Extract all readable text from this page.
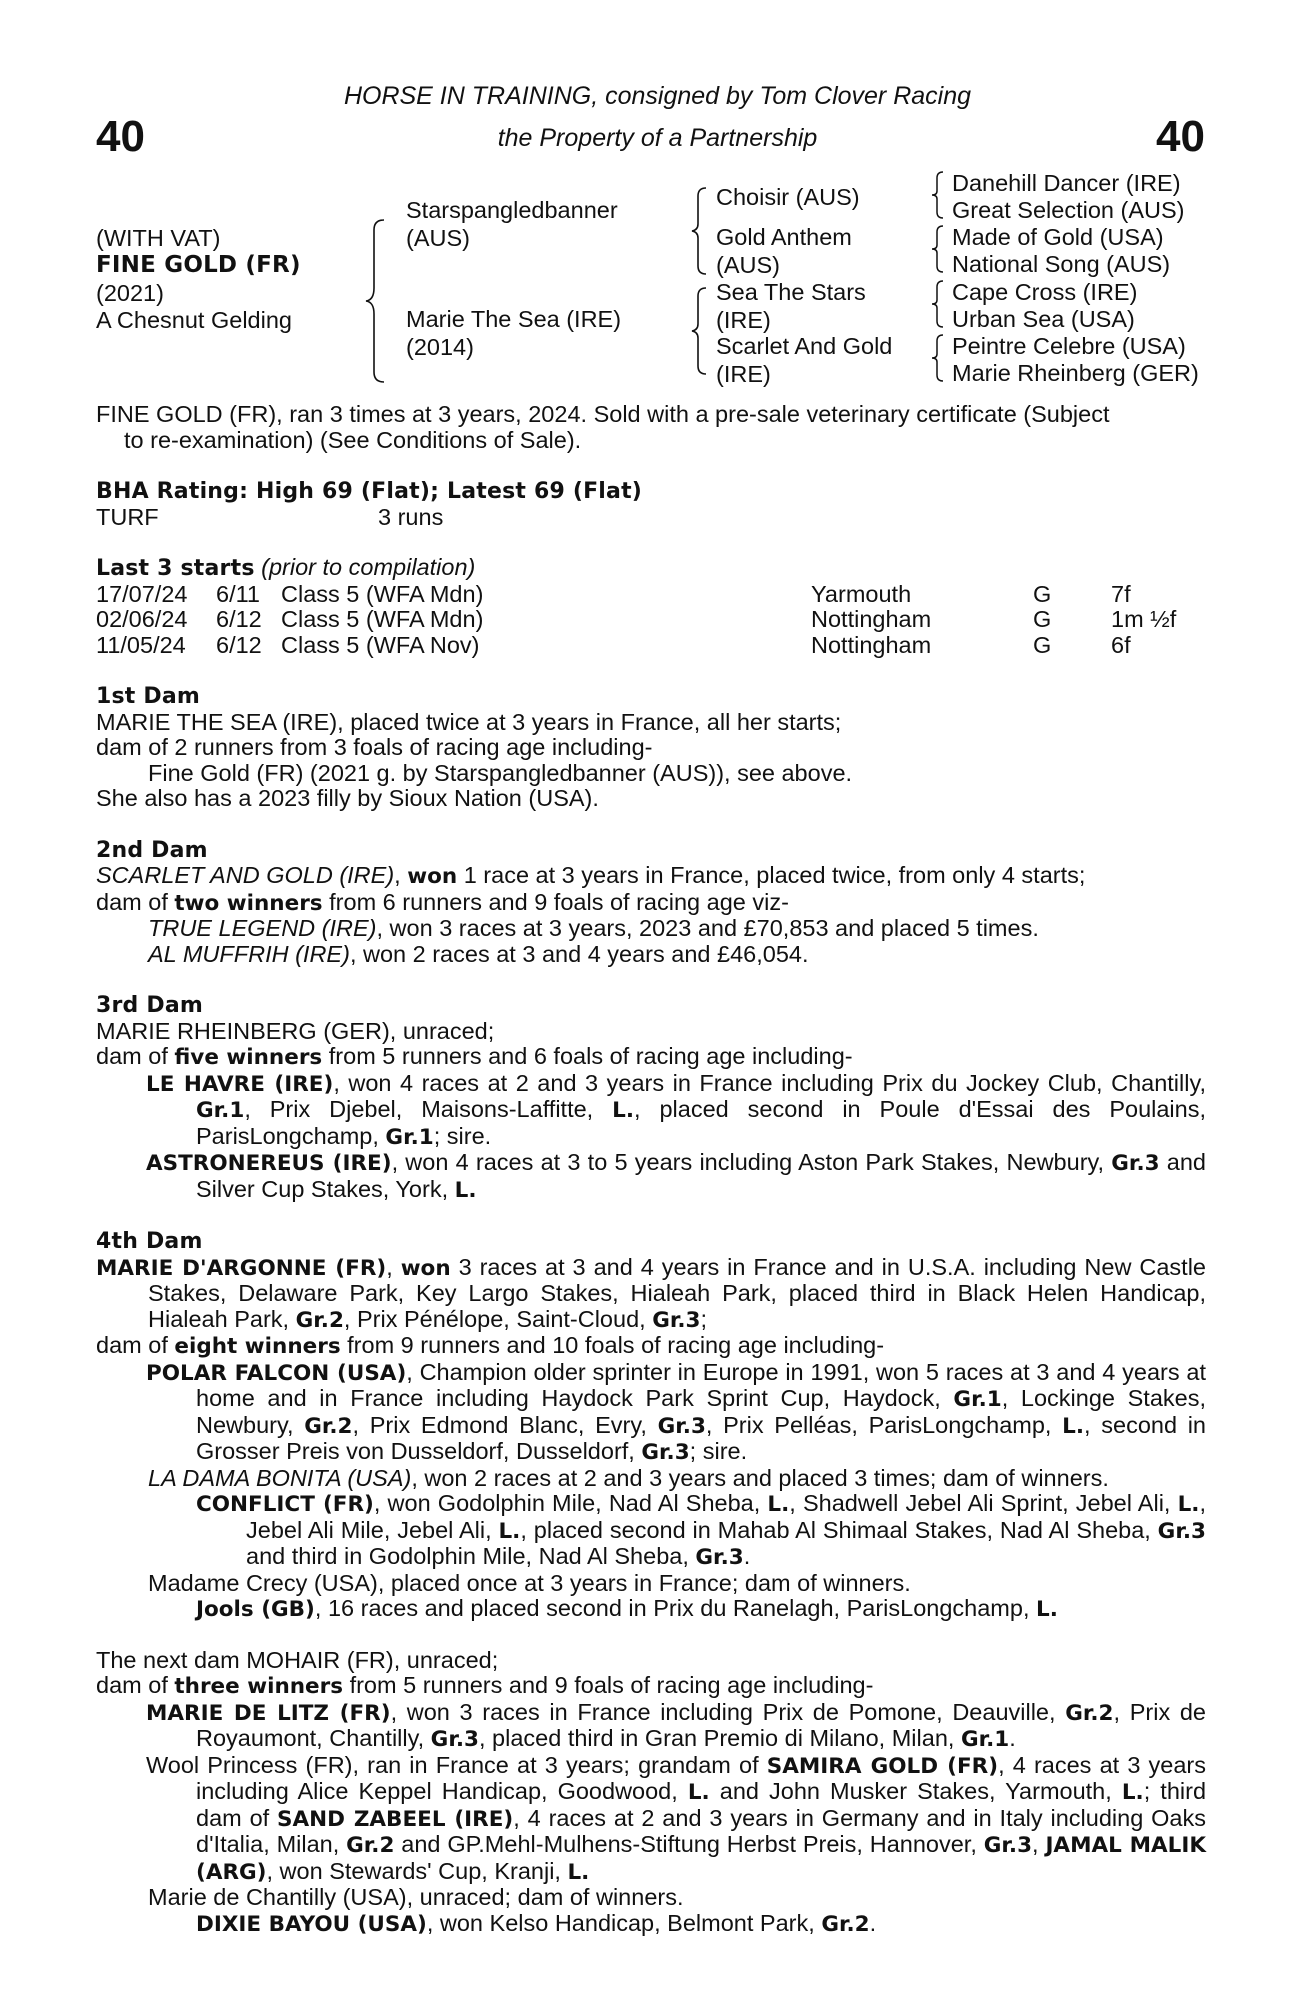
40	40
HORSE IN TRAINING, consigned by Tom Clover Racing
the Property of a Partnership
(WITH VAT)
FINE GOLD (FR)
(2021)
A Chesnut Gelding
Starspangledbanner
(AUS)
Marie The Sea (IRE)
(2014)
Choisir (AUS)
Gold Anthem
(AUS)
Sea The Stars
(IRE)
Scarlet And Gold
(IRE)
Danehill Dancer (IRE)
Great Selection (AUS)
Made of Gold (USA)
National Song (AUS)
Cape Cross (IRE)
Urban Sea (USA)
Peintre Celebre (USA)
Marie Rheinberg (GER)

FINE GOLD (FR), ran 3 times at 3 years, 2024. Sold with a pre-sale veterinary certificate (Subject
to re-examination) (See Conditions of Sale).

BHA Rating: High 69 (Flat); Latest 69 (Flat)

TURF	3 runs

Last 3 starts (prior to compilation)

17/07/24	6/11 Class 5 (WFA Mdn)	Yarmouth	G	7f

02/06/24	6/12 Class 5 (WFA Mdn)	Nottingham	G	1m ½f

11/05/24	6/12 Class 5 (WFA Nov)	Nottingham	G	6f

1st Dam

MARIE THE SEA (IRE), placed twice at 3 years in France, all her starts;

dam of 2 runners from 3 foals of racing age including-

Fine Gold (FR) (2021 g. by Starspangledbanner (AUS)), see above.

She also has a 2023 filly by Sioux Nation (USA).

2nd Dam

SCARLET AND GOLD (IRE), won 1 race at 3 years in France, placed twice, from only 4 starts;

dam of two winners from 6 runners and 9 foals of racing age viz-

TRUE LEGEND (IRE), won 3 races at 3 years, 2023 and £70,853 and placed 5 times.

AL MUFFRIH (IRE), won 2 races at 3 and 4 years and £46,054.

3rd Dam

MARIE RHEINBERG (GER), unraced;

dam of five winners from 5 runners and 6 foals of racing age including-

LE HAVRE (IRE), won 4 races at 2 and 3 years in France including Prix du Jockey Club, Chantilly, Gr.1, Prix Djebel, Maisons-Laffitte, L., placed second in Poule d'Essai des Poulains, ParisLongchamp, Gr.1; sire.

ASTRONEREUS (IRE), won 4 races at 3 to 5 years including Aston Park Stakes, Newbury, Gr.3 and Silver Cup Stakes, York, L.

4th Dam

MARIE D'ARGONNE (FR), won 3 races at 3 and 4 years in France and in U.S.A. including New Castle Stakes, Delaware Park, Key Largo Stakes, Hialeah Park, placed third in Black Helen Handicap, Hialeah Park, Gr.2, Prix Pénélope, Saint-Cloud, Gr.3;

dam of eight winners from 9 runners and 10 foals of racing age including-

POLAR FALCON (USA), Champion older sprinter in Europe in 1991, won 5 races at 3 and 4 years at home and in France including Haydock Park Sprint Cup, Haydock, Gr.1, Lockinge Stakes, Newbury, Gr.2, Prix Edmond Blanc, Evry, Gr.3, Prix Pelléas, ParisLongchamp, L., second in Grosser Preis von Dusseldorf, Dusseldorf, Gr.3; sire.

LA DAMA BONITA (USA), won 2 races at 2 and 3 years and placed 3 times; dam of winners.

CONFLICT (FR), won Godolphin Mile, Nad Al Sheba, L., Shadwell Jebel Ali Sprint, Jebel Ali, L., Jebel Ali Mile, Jebel Ali, L., placed second in Mahab Al Shimaal Stakes, Nad Al Sheba, Gr.3 and third in Godolphin Mile, Nad Al Sheba, Gr.3.

Madame Crecy (USA), placed once at 3 years in France; dam of winners.

Jools (GB), 16 races and placed second in Prix du Ranelagh, ParisLongchamp, L.

The next dam MOHAIR (FR), unraced;

dam of three winners from 5 runners and 9 foals of racing age including-

MARIE DE LITZ (FR), won 3 races in France including Prix de Pomone, Deauville, Gr.2, Prix de Royaumont, Chantilly, Gr.3, placed third in Gran Premio di Milano, Milan, Gr.1.

Wool Princess (FR), ran in France at 3 years; grandam of SAMIRA GOLD (FR), 4 races at 3 years including Alice Keppel Handicap, Goodwood, L. and John Musker Stakes, Yarmouth, L.; third dam of SAND ZABEEL (IRE), 4 races at 2 and 3 years in Germany and in Italy including Oaks d'Italia, Milan, Gr.2 and GP.Mehl-Mulhens-Stiftung Herbst Preis, Hannover, Gr.3, JAMAL MALIK (ARG), won Stewards' Cup, Kranji, L.

Marie de Chantilly (USA), unraced; dam of winners.

DIXIE BAYOU (USA), won Kelso Handicap, Belmont Park, Gr.2.
